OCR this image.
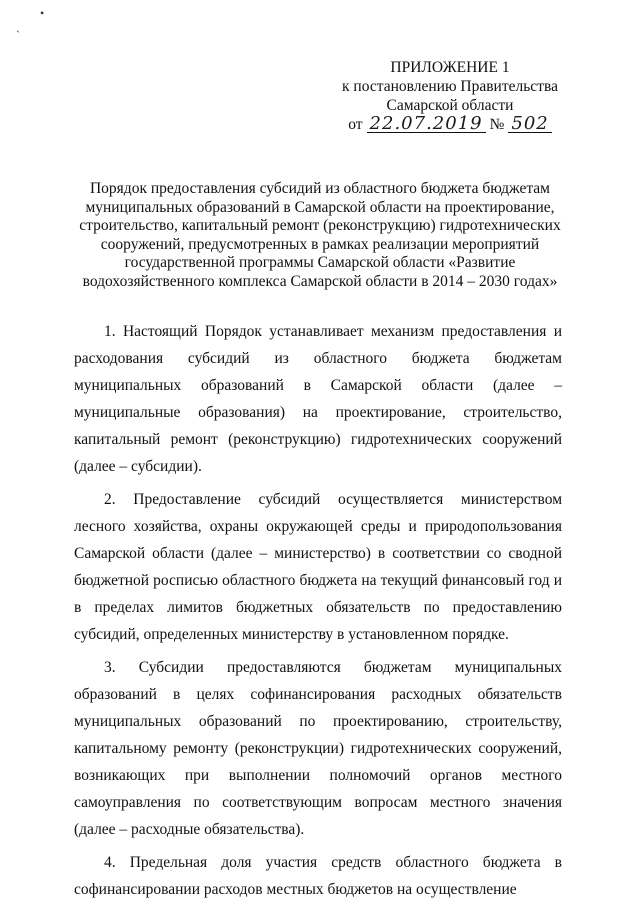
•
ˋ
ПРИЛОЖЕНИЕ 1
к постановлению Правительства
Самарской области
от 22.07.2019 № 502
Порядок предоставления субсидий из областного бюджета бюджетам муниципальных образований в Самарской области на проектирование, строительство, капитальный ремонт (реконструкцию) гидротехнических сооружений, предусмотренных в рамках реализации мероприятий государственной программы Самарской области «Развитие водохозяйственного комплекса Самарской области в 2014 – 2030 годах»

1. Настоящий Порядок устанавливает механизм предоставления и расходования субсидий из областного бюджета бюджетам муниципальных образований в Самарской области (далее – муниципальные образования) на проектирование, строительство, капитальный ремонт (реконструкцию) гидротехнических сооружений (далее – субсидии).

2. Предоставление субсидий осуществляется министерством лесного хозяйства, охраны окружающей среды и природопользования Самарской области (далее – министерство) в соответствии со сводной бюджетной росписью областного бюджета на текущий финансовый год и в пределах лимитов бюджетных обязательств по предоставлению субсидий, определенных министерству в установленном порядке.

3. Субсидии предоставляются бюджетам муниципальных образований в целях софинансирования расходных обязательств муниципальных образований по проектированию, строительству, капитальному ремонту (реконструкции) гидротехнических сооружений, возникающих при выполнении полномочий органов местного самоуправления по соответствующим вопросам местного значения (далее – расходные обязательства).

4. Предельная доля участия средств областного бюджета в софинансировании расходов местных бюджетов на осуществление
